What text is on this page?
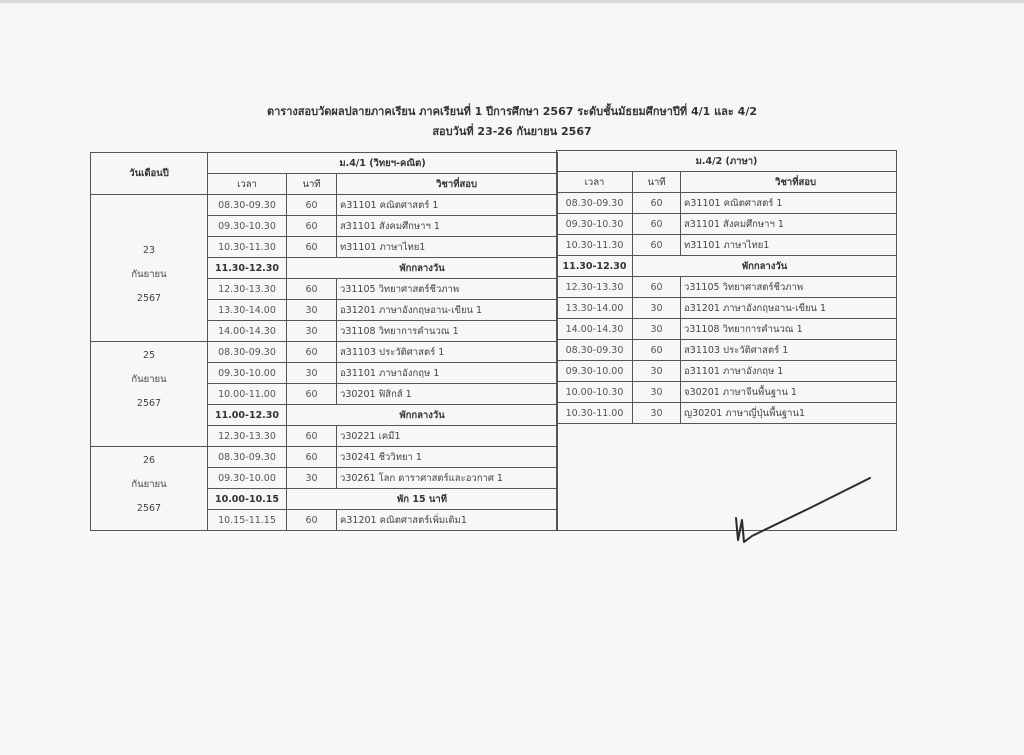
ตารางสอบวัดผลปลายภาคเรียน ภาคเรียนที่ 1 ปีการศึกษา 2567 ระดับชั้นมัธยมศึกษาปีที่ 4/1 และ 4/2
สอบวันที่ 23-26 กันยายน 2567
วันเดือนปี	ม.4/1 (วิทยฯ-คณิต)		
	เวลา	นาที	วิชาที่สอบ

23
กันยายน
2567	08.30-09.30	60	ค31101 คณิตศาสตร์ 1
	09.30-10.30	60	ส31101 สังคมศึกษาฯ 1
	10.30-11.30	60	ท31101 ภาษาไทย1
	11.30-12.30	พักกลางวัน	
	12.30-13.30	60	ว31105 วิทยาศาสตร์ชีวภาพ
	13.30-14.00	30	อ31201 ภาษาอังกฤษอาน-เขียน 1
	14.00-14.30	30	ว31108 วิทยาการคำนวณ 1

25
กันยายน
2567	08.30-09.30	60	ส31103 ประวัติศาสตร์ 1
	09.30-10.00	30	อ31101 ภาษาอังกฤษ 1
	10.00-11.00	60	ว30201 ฟิสิกส์ 1
	11.00-12.30	พักกลางวัน	
	12.30-13.30	60	ว30221 เคมี1

26
กันยายน
2567	08.30-09.30	60	ว30241 ชีววิทยา 1
	09.30-10.00	30	ว30261 โลก ดาราศาสตร์และอวกาศ 1
	10.00-10.15	พัก 15 นาที	
	10.15-11.15	60	ค31201 คณิตศาสตร์เพิ่มเติม1
ม.4/2 (ภาษา)		
เวลา	นาที	วิชาที่สอบ
08.30-09.30	60	ค31101 คณิตศาสตร์ 1
09.30-10.30	60	ส31101 สังคมศึกษาฯ 1
10.30-11.30	60	ท31101 ภาษาไทย1
11.30-12.30	พักกลางวัน	
12.30-13.30	60	ว31105 วิทยาศาสตร์ชีวภาพ
13.30-14.00	30	อ31201 ภาษาอังกฤษอาน-เขียน 1
14.00-14.30	30	ว31108 วิทยาการคำนวณ 1
08.30-09.30	60	ส31103 ประวัติศาสตร์ 1
09.30-10.00	30	อ31101 ภาษาอังกฤษ 1
10.00-10.30	30	จ30201 ภาษาจีนพื้นฐาน 1
10.30-11.00	30	ญ30201 ภาษาญี่ปุ่นพื้นฐาน1
